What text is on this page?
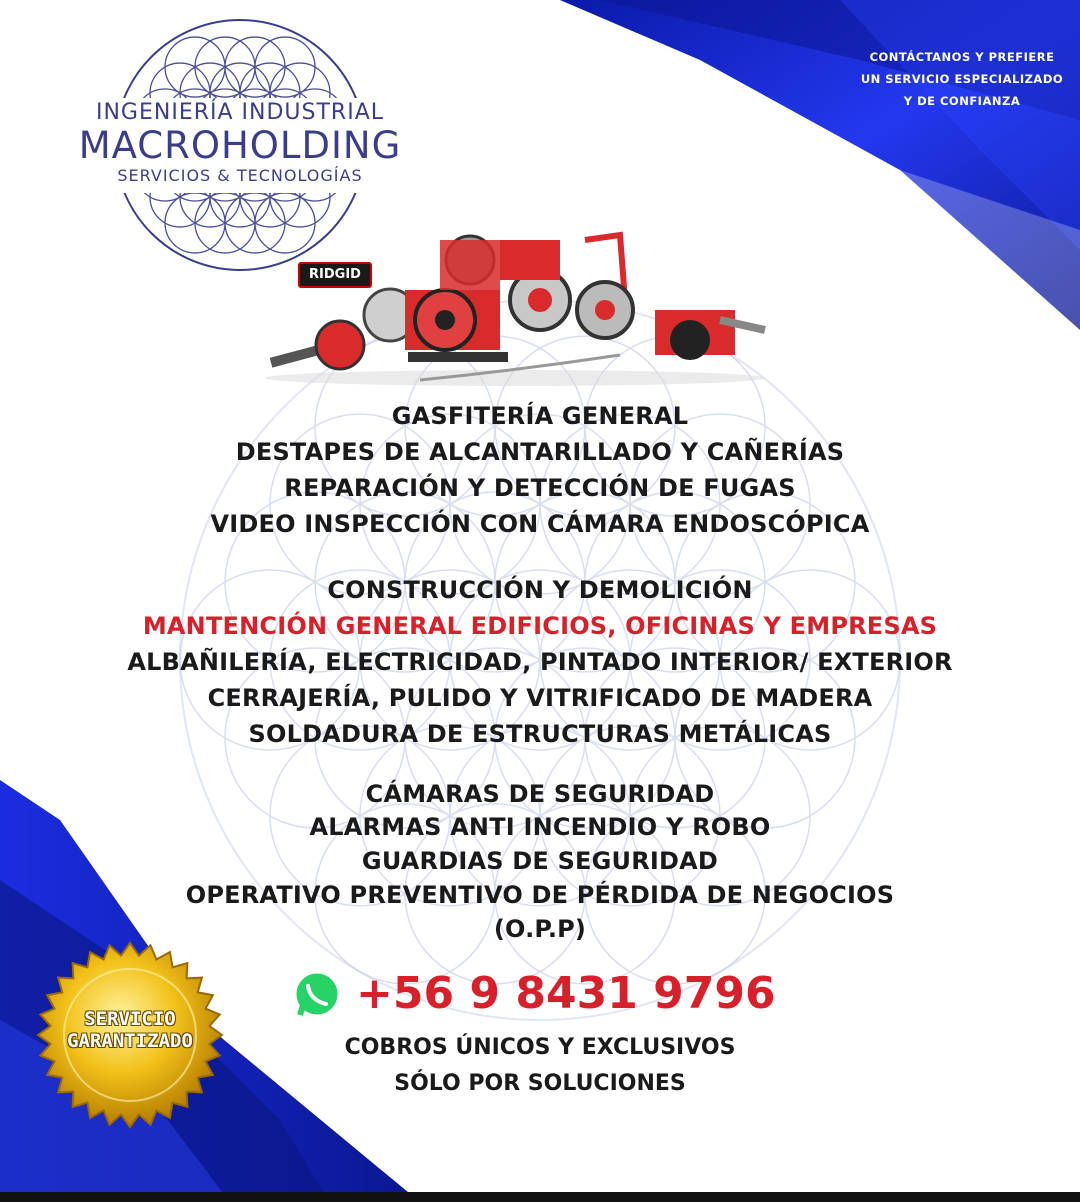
INGENIERÍA INDUSTRIAL
MACROHOLDING
SERVICIOS & TECNOLOGÍAS
CONTÁCTANOS Y PREFIERE
UN SERVICIO ESPECIALIZADO
Y DE CONFIANZA
RIDGID
GASFITERÍA GENERAL
DESTAPES DE ALCANTARILLADO Y CAÑERÍAS
REPARACIÓN Y DETECCIÓN DE FUGAS
VIDEO INSPECCIÓN CON CÁMARA ENDOSCÓPICA
CONSTRUCCIÓN Y DEMOLICIÓN
MANTENCIÓN GENERAL EDIFICIOS, OFICINAS Y EMPRESAS
ALBAÑILERÍA, ELECTRICIDAD, PINTADO INTERIOR/ EXTERIOR
CERRAJERÍA, PULIDO Y VITRIFICADO DE MADERA
SOLDADURA DE ESTRUCTURAS METÁLICAS
CÁMARAS DE SEGURIDAD
ALARMAS ANTI INCENDIO Y ROBO
GUARDIAS DE SEGURIDAD
OPERATIVO PREVENTIVO DE PÉRDIDA DE NEGOCIOS
(O.P.P)
+56 9 8431 9796
COBROS ÚNICOS Y EXCLUSIVOS
SÓLO POR SOLUCIONES
SERVICIO
GARANTIZADO
